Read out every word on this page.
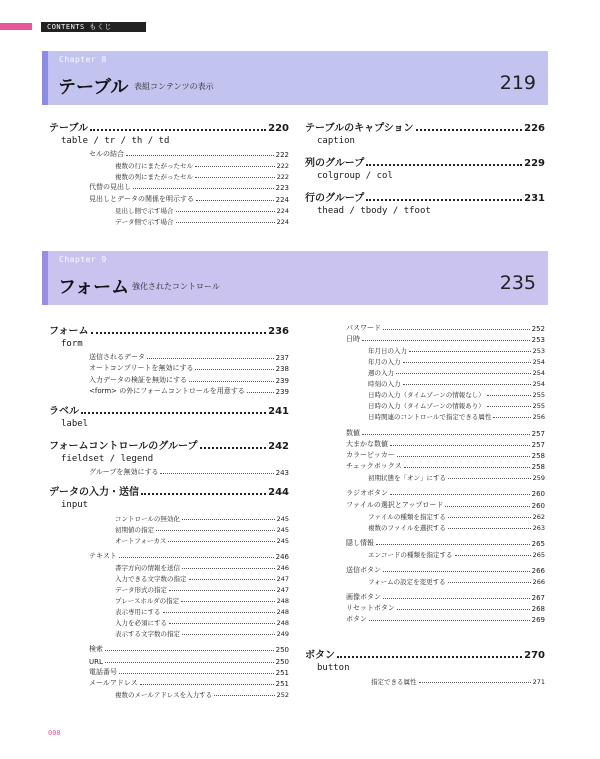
CONTENTS もくじ
Chapter 8
テーブル 表組コンテンツの表示	219
テーブル	220
table / tr / th / td
セルの結合	222
複数の行にまたがったセル	222
複数の列にまたがったセル	222
代替の見出し	223
見出しとデータの関係を明示する	224
見出し側で示す場合	224
データ側で示す場合	224
テーブルのキャプション	226
caption
列のグループ	229
colgroup / col
行のグループ	231
thead / tbody / tfoot
Chapter 9
フォーム 強化されたコントロール	235
フォーム	236
form
送信されるデータ	237
オートコンプリートを無効にする	238
入力データの検証を無効にする	239
<form> の外にフォームコントロールを用意する	239
ラベル	241
label
フォームコントロールのグループ	242
fieldset / legend
グループを無効にする	243
データの入力・送信	244
input
コントロールの無効化	245
初期値の指定	245
オートフォーカス	245
テキスト	246
書字方向の情報を送信	246
入力できる文字数の指定	247
データ形式の指定	247
プレースホルダの指定	248
表示専用にする	248
入力を必須にする	248
表示する文字数の指定	249
検索	250
URL	250
電話番号	251
メールアドレス	251
複数のメールアドレスを入力する	252
パスワード	252
日時	253
年月日の入力	253
年月の入力	254
週の入力	254
時刻の入力	254
日時の入力（タイムゾーンの情報なし）	255
日時の入力（タイムゾーンの情報あり）	255
日時関連のコントロールで指定できる属性	256
数値	257
大まかな数値	257
カラーピッカー	258
チェックボックス	258
初期状態を「オン」にする	259
ラジオボタン	260
ファイルの選択とアップロード	260
ファイルの種類を指定する	262
複数のファイルを選択する	263
隠し情報	265
エンコードの種類を指定する	265
送信ボタン	266
フォームの設定を変更する	266
画像ボタン	267
リセットボタン	268
ボタン	269
ボタン	270
button
指定できる属性	271
008
